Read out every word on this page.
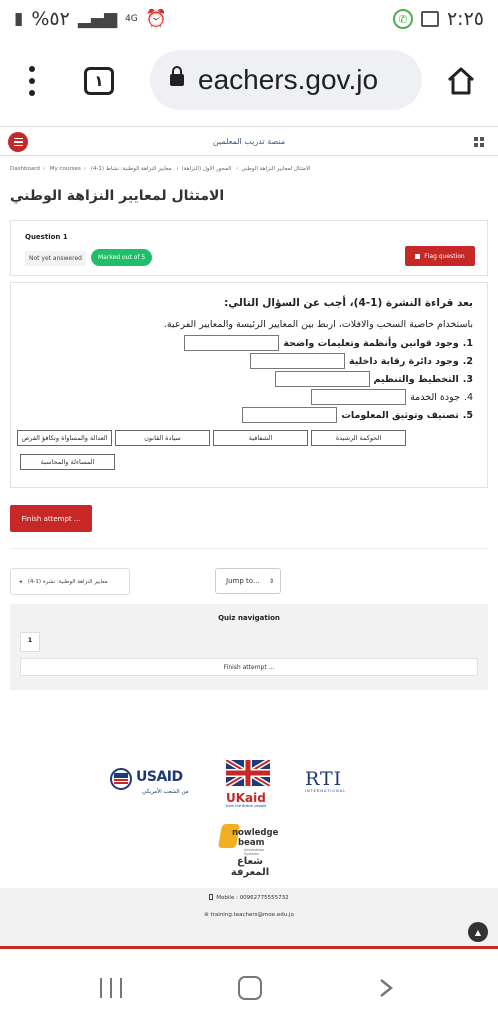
▮ %٥٢ ▂▄▆ 4G ⏰	✆ ٢:٢٥
١	eachers.gov.jo
منصة تدريب المعلمين
Dashboard › My courses ›	الامتثال لمعايير النزاهة الوطني› المحور الاول (النزاهة)› معايير النزاهة الوطنية: نشاط (1-4)
الامتثال لمعايير النزاهة الوطني
Question 1
Not yet answered	Marked out of 5	Flag question
بعد قراءة النشرة (1-4)، أجب عن السؤال التالي:
باستخدام خاصية السحب والافلات، اربط بين المعايير الرئيسة والمعايير الفرعية.
1.
وجود قوانين وأنظمة وتعليمات واضحة
2.
وجود دائرة رقابة داخلية
3.
التخطيط والتنظيم
4.
جودة الخدمة
5.
تصنيف وتوثيق المعلومات
الحوكمة الرشيدة
الشفافية
سيادة القانون
العدالة والمساواة وتكافؤ الفرص
المساءلة والمحاسبة
Finish attempt ...
◂ معايير النزاهة الوطنية: نشرة (1-4)	Jump to... ⇕
Quiz navigation
1
Finish attempt ...
USAID
من الشعب الأمريكي	UKaid
from the British people
RTI
INTERNATIONAL
nowledge
beam
Information Systems
شعاع المعرفة
Mobile : 00962775555732
⊛ training.teachers@moe.edu.jo
▲
